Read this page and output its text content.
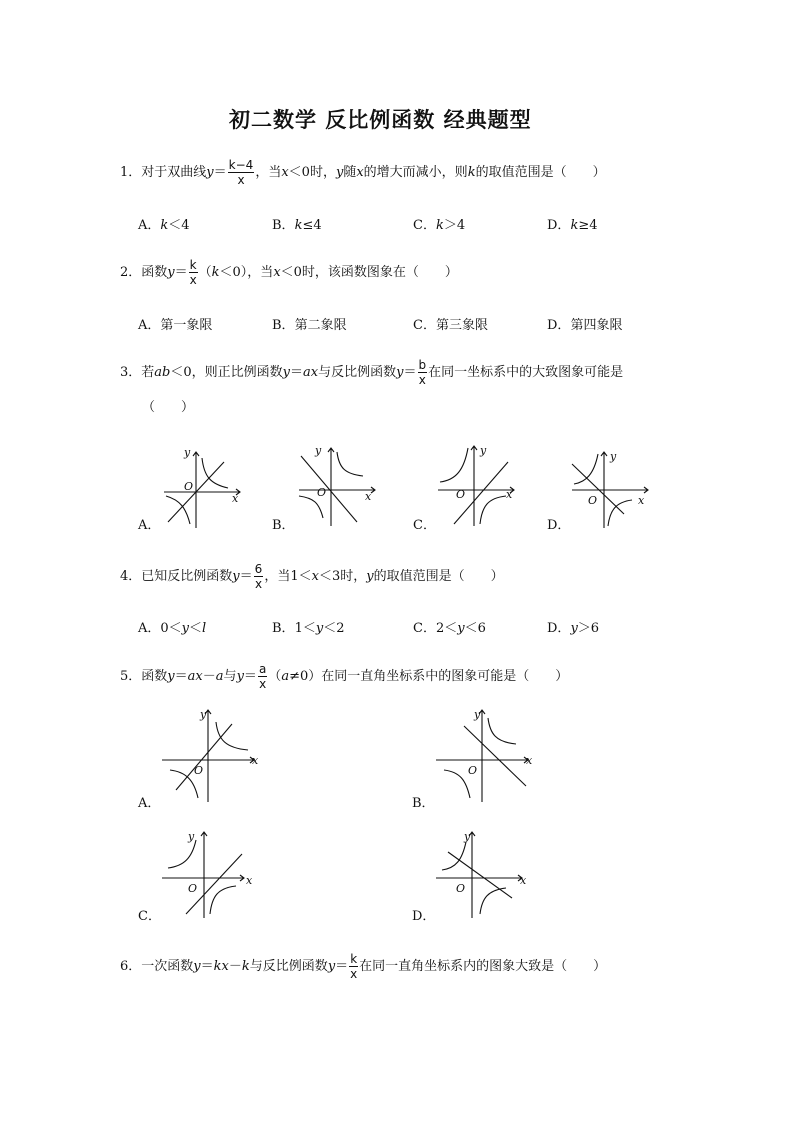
初二数学 反比例函数 经典题型
1．对于双曲线$y= \frac{k-4}{x}$ ，当x＜0时，y随x的增大而减小，则k的取值范围是（　　）
A．k＜4	B．k≤4	C．k＞4	D．k≥4
2．函数$y= \frac{k}{x} (k<0)$，当x＜0时，该函数图象在（　　）
A．第一象限	B．第二象限	C．第三象限	D．第四象限
3．若ab＜0，则正比例函数y＝ax与反比例函数$y= \frac{b}{x}$ 在同一坐标系中的大致图象可能是
（　　）
y
x
O
A．
y
x
O
B．
y
x
O
C．
y
x
O
D．
4．已知反比例函数$y= \frac{6}{x}$ ，当1＜x＜3时，y的取值范围是（　　）
A．0＜y＜l	B．1＜y＜2	C．2＜y＜6	D．y＞6
5．函数y＝ax－a与$y= \frac{a}{x} (a\ne 0)$在同一直角坐标系中的图象可能是（　　）
y
x
O
A．
y
x
O
B．
y
x
O
C．
y
x
O
D．
6．一次函数y＝kx－k与反比例函数$y= \frac{k}{x}$ 在同一直角坐标系内的图象大致是（　　）
